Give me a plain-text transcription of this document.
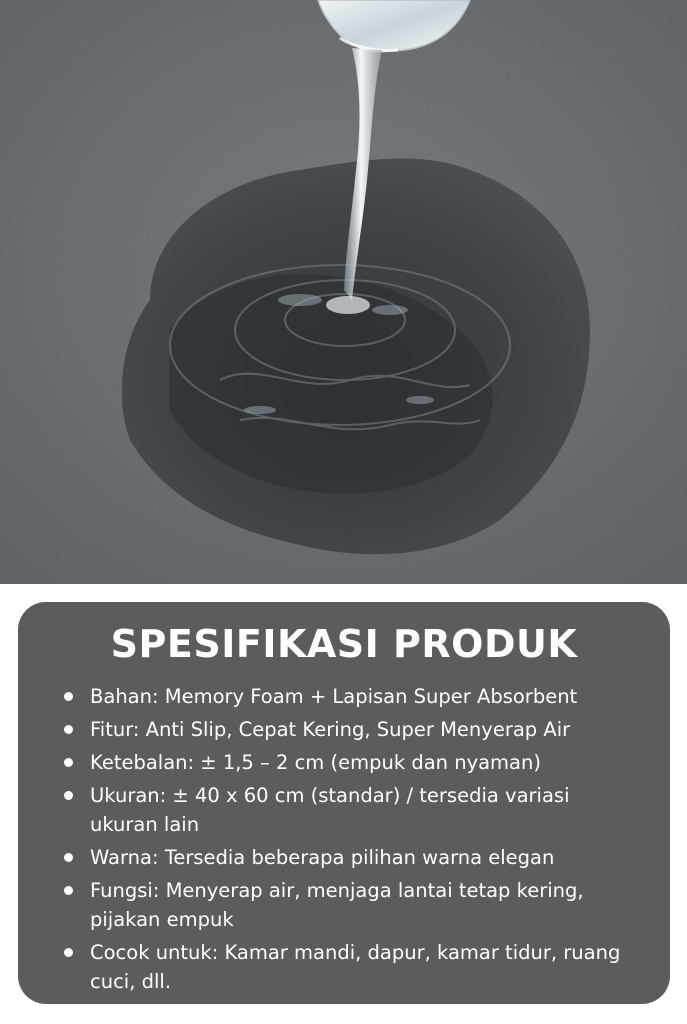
SPESIFIKASI PRODUK
Bahan: Memory Foam + Lapisan Super Absorbent
Fitur: Anti Slip, Cepat Kering, Super Menyerap Air
Ketebalan: ± 1,5 – 2 cm (empuk dan nyaman)
Ukuran: ± 40 x 60 cm (standar) / tersedia variasi ukuran lain
Warna: Tersedia beberapa pilihan warna elegan
Fungsi: Menyerap air, menjaga lantai tetap kering, pijakan empuk
Cocok untuk: Kamar mandi, dapur, kamar tidur, ruang cuci, dll.
